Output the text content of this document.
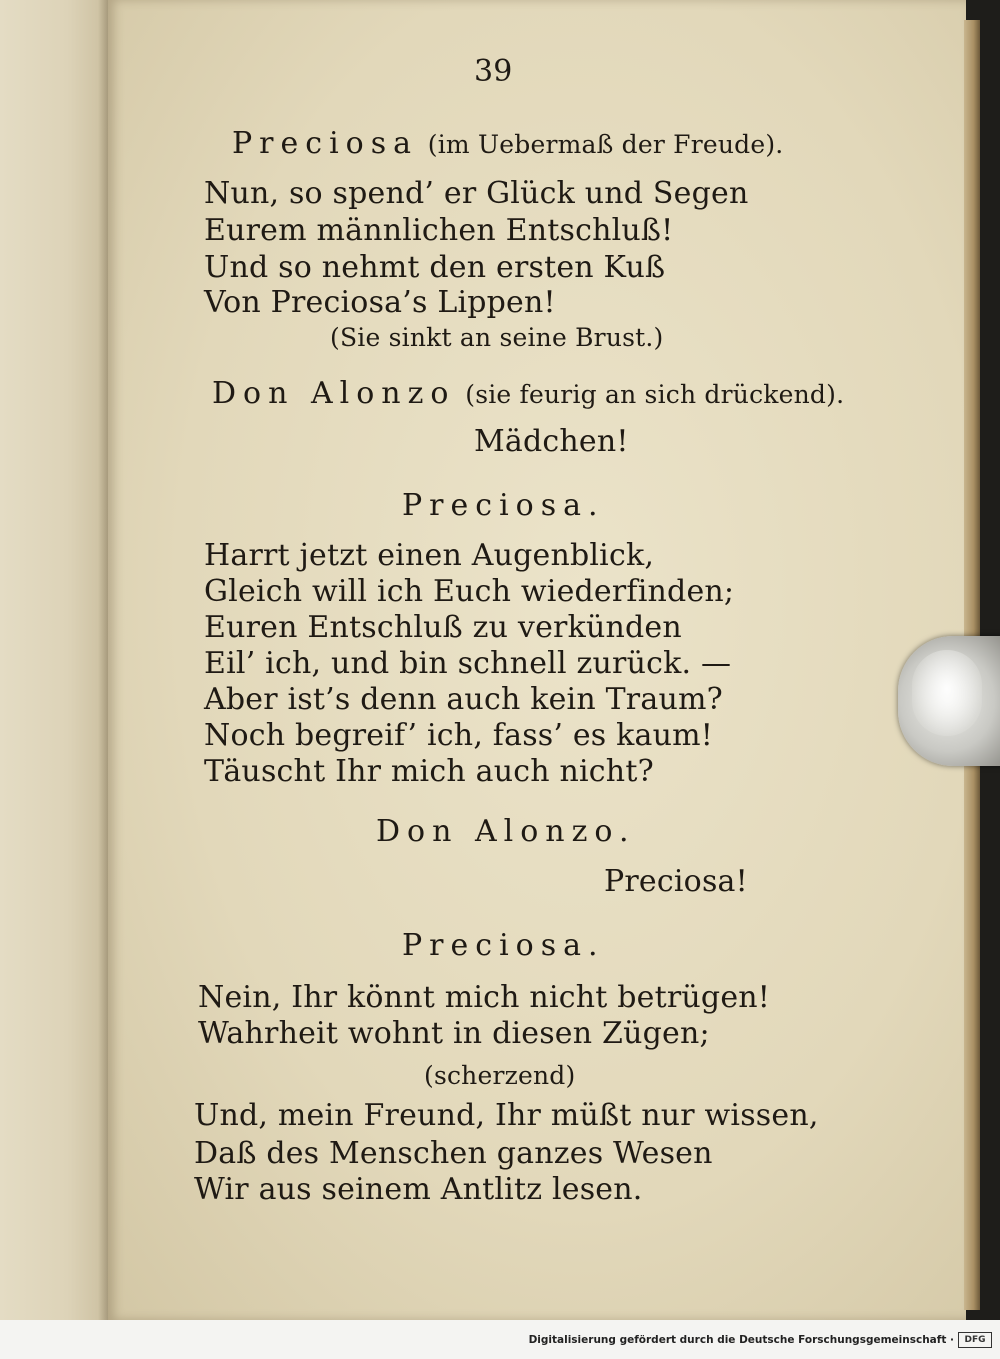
39
Preciosa (im Uebermaß der Freude).
Nun, so spend’ er Glück und Segen
Eurem männlichen Entschluß!
Und so nehmt den ersten Kuß
Von Preciosa’s Lippen!
(Sie sinkt an seine Brust.)
Don Alonzo (sie feurig an sich drückend).
Mädchen!
Preciosa.
Harrt jetzt einen Augenblick,
Gleich will ich Euch wiederfinden;
Euren Entschluß zu verkünden
Eil’ ich, und bin schnell zurück. —
Aber ist’s denn auch kein Traum?
Noch begreif’ ich, fass’ es kaum!
Täuscht Ihr mich auch nicht?
Don Alonzo.
Preciosa!
Preciosa.
Nein, Ihr könnt mich nicht betrügen!
Wahrheit wohnt in diesen Zügen;
(scherzend)
Und, mein Freund, Ihr müßt nur wissen,
Daß des Menschen ganzes Wesen
Wir aus seinem Antlitz lesen.
Digitalisierung gefördert durch die Deutsche Forschungsgemeinschaft ·	DFG
